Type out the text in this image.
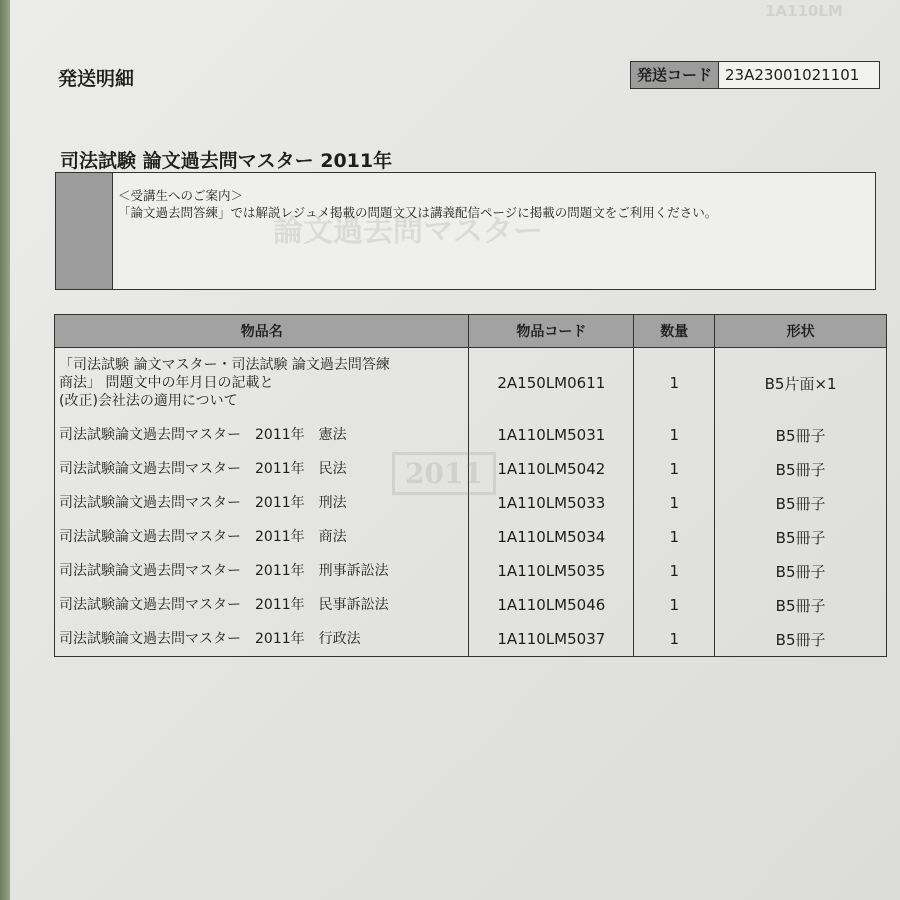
1A110LM
発送明細	発送コード 23A23001021101
司法試験 論文過去問マスター 2011年
＜受講生へのご案内＞
「論文過去問答練」では解説レジュメ掲載の問題文又は講義配信ページに掲載の問題文をご利用ください。
論文過去問マスター
物品名	物品コード	数量	形状

「司法試験 論文マスター・司法試験 論文過去問答練
商法」 問題文中の年月日の記載と
(改正)会社法の適用について	2A150LM0611	1	B5片面×1
司法試験論文過去問マスター　2011年　憲法	1A110LM5031	1	B5冊子
司法試験論文過去問マスター　2011年　民法	1A110LM5042	1	B5冊子
司法試験論文過去問マスター　2011年　刑法	1A110LM5033	1	B5冊子
司法試験論文過去問マスター　2011年　商法	1A110LM5034	1	B5冊子
司法試験論文過去問マスター　2011年　刑事訴訟法	1A110LM5035	1	B5冊子
司法試験論文過去問マスター　2011年　民事訴訟法	1A110LM5046	1	B5冊子
司法試験論文過去問マスター　2011年　行政法	1A110LM5037	1	B5冊子
2011
